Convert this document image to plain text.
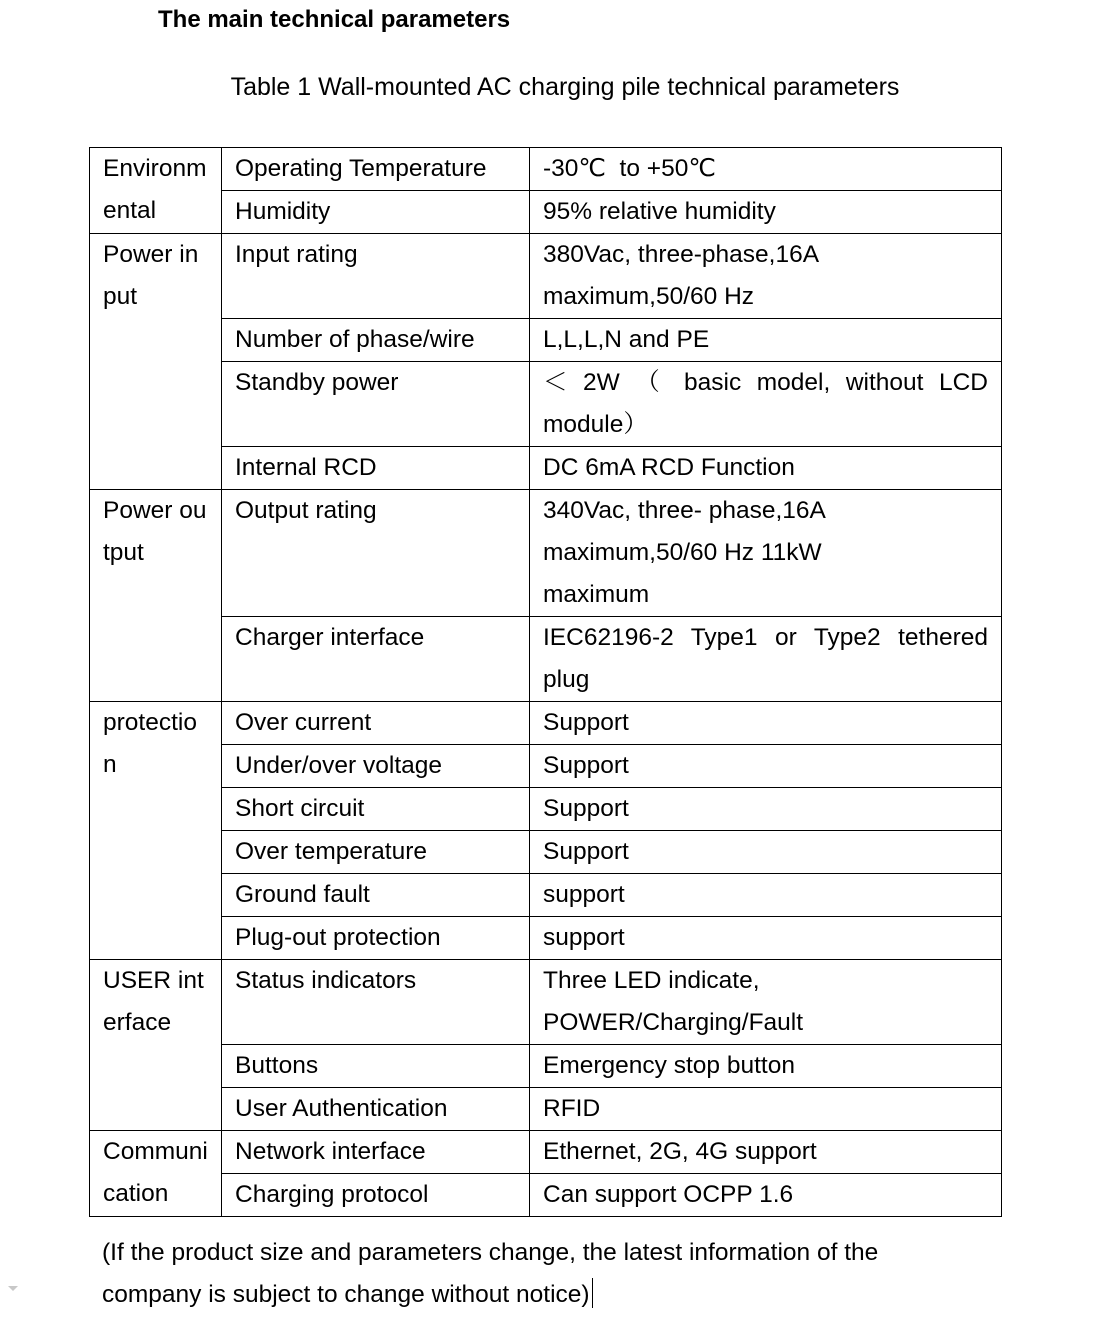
The main technical parameters
Table 1 Wall-mounted AC charging pile technical parameters
Environmental	Operating Temperature	-30℃  to +50℃
	Humidity	95% relative humidity
Power input	Input rating	380Vac, three-phase,16A maximum,50/60 Hz
	Number of phase/wire	L,L,L,N and PE
	Standby power	＜ 2W （ basic model, without LCD module）
	Internal RCD	DC 6mA RCD Function
Power output	Output rating	340Vac, three- phase,16A maximum,50/60 Hz 11kW maximum
	Charger interface	IEC62196-2 Type1 or Type2 tethered plug
protection	Over current	Support
	Under/over voltage	Support
	Short circuit	Support
	Over temperature	Support
	Ground fault	support
	Plug-out protection	support
USER interface	Status indicators	Three LED indicate, POWER/Charging/Fault
	Buttons	Emergency stop button
	User Authentication	RFID
Communication	Network interface	Ethernet, 2G, 4G support
	Charging protocol	Can support OCPP 1.6
(If the product size and parameters change, the latest information of the company is subject to change without notice)
